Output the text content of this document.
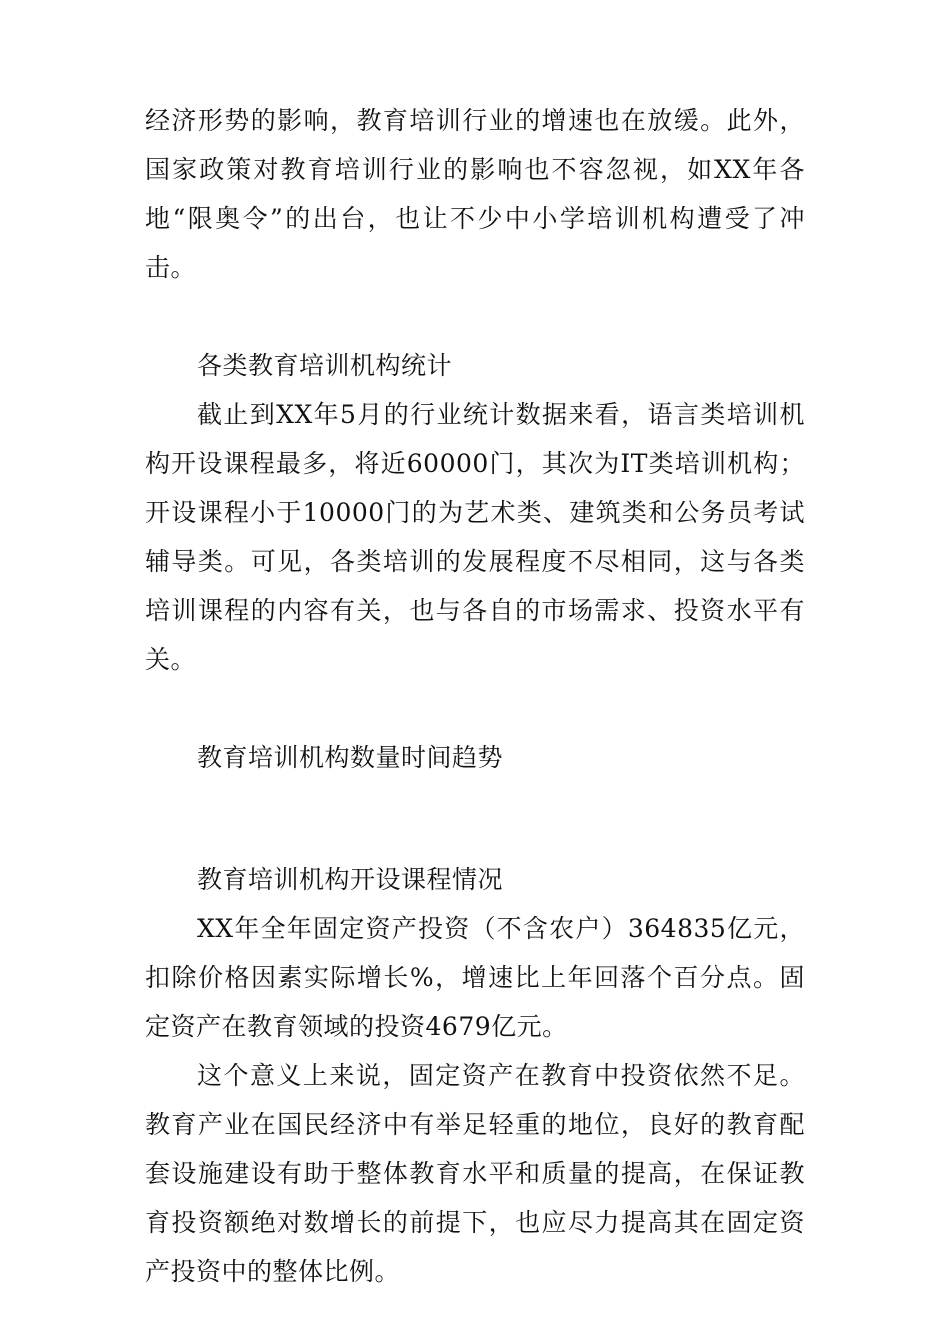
经济形势的影响，教育培训行业的增速也在放缓。此外，国家政策对教育培训行业的影响也不容忽视，如XX年各地“限奥令”的出台，也让不少中小学培训机构遭受了冲击。

各类教育培训机构统计

截止到XX年5月的行业统计数据来看，语言类培训机构开设课程最多，将近60000门，其次为IT类培训机构；开设课程小于10000门的为艺术类、建筑类和公务员考试辅导类。可见，各类培训的发展程度不尽相同，这与各类培训课程的内容有关，也与各自的市场需求、投资水平有关。

教育培训机构数量时间趋势

教育培训机构开设课程情况

XX年全年固定资产投资（不含农户）364835亿元，扣除价格因素实际增长%，增速比上年回落个百分点。固定资产在教育领域的投资4679亿元。

这个意义上来说，固定资产在教育中投资依然不足。教育产业在国民经济中有举足轻重的地位，良好的教育配套设施建设有助于整体教育水平和质量的提高，在保证教育投资额绝对数增长的前提下，也应尽力提高其在固定资产投资中的整体比例。
